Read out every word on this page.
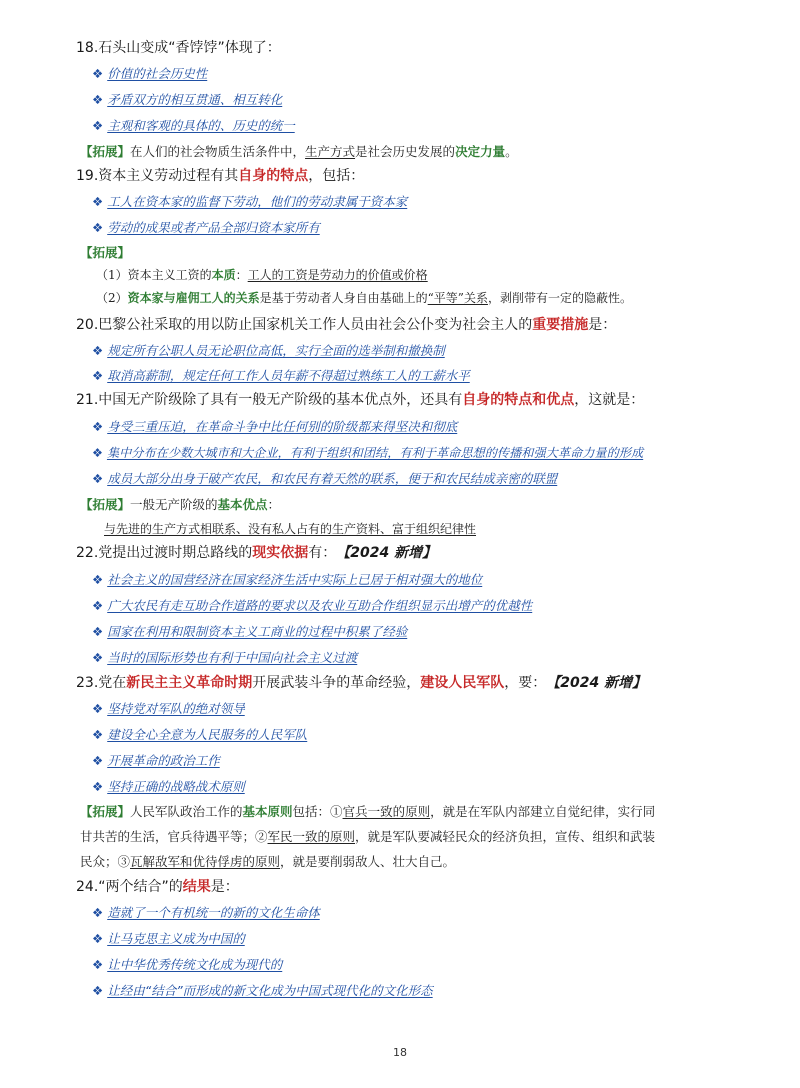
18.石头山变成“香饽饽”体现了：
❖ 价值的社会历史性
❖ 矛盾双方的相互贯通、相互转化
❖ 主观和客观的具体的、历史的统一
【拓展】在人们的社会物质生活条件中，生产方式是社会历史发展的决定力量。
19.资本主义劳动过程有其自身的特点，包括：
❖ 工人在资本家的监督下劳动，他们的劳动隶属于资本家
❖ 劳动的成果或者产品全部归资本家所有
【拓展】
（1）资本主义工资的本质：工人的工资是劳动力的价值或价格
（2）资本家与雇佣工人的关系是基于劳动者人身自由基础上的“平等”关系，剥削带有一定的隐蔽性。
20.巴黎公社采取的用以防止国家机关工作人员由社会公仆变为社会主人的重要措施是：
❖ 规定所有公职人员无论职位高低，实行全面的选举制和撤换制
❖ 取消高薪制，规定任何工作人员年薪不得超过熟练工人的工薪水平
21.中国无产阶级除了具有一般无产阶级的基本优点外，还具有自身的特点和优点，这就是：
❖ 身受三重压迫，在革命斗争中比任何别的阶级都来得坚决和彻底
❖ 集中分布在少数大城市和大企业，有利于组织和团结，有利于革命思想的传播和强大革命力量的形成
❖ 成员大部分出身于破产农民，和农民有着天然的联系，便于和农民结成亲密的联盟
【拓展】一般无产阶级的基本优点：
与先进的生产方式相联系、没有私人占有的生产资料、富于组织纪律性
22.党提出过渡时期总路线的现实依据有：【2024 新增】
❖ 社会主义的国营经济在国家经济生活中实际上已居于相对强大的地位
❖ 广大农民有走互助合作道路的要求以及农业互助合作组织显示出增产的优越性
❖ 国家在利用和限制资本主义工商业的过程中积累了经验
❖ 当时的国际形势也有利于中国向社会主义过渡
23.党在新民主主义革命时期开展武装斗争的革命经验，建设人民军队，要：【2024 新增】
❖ 坚持党对军队的绝对领导
❖ 建设全心全意为人民服务的人民军队
❖ 开展革命的政治工作
❖ 坚持正确的战略战术原则
【拓展】人民军队政治工作的基本原则包括：①官兵一致的原则，就是在军队内部建立自觉纪律，实行同
甘共苦的生活，官兵待遇平等；②军民一致的原则，就是军队要减轻民众的经济负担，宣传、组织和武装
民众；③瓦解敌军和优待俘虏的原则，就是要削弱敌人、壮大自己。
24.“两个结合”的结果是：
❖ 造就了一个有机统一的新的文化生命体
❖ 让马克思主义成为中国的
❖ 让中华优秀传统文化成为现代的
❖ 让经由“结合”而形成的新文化成为中国式现代化的文化形态
18
